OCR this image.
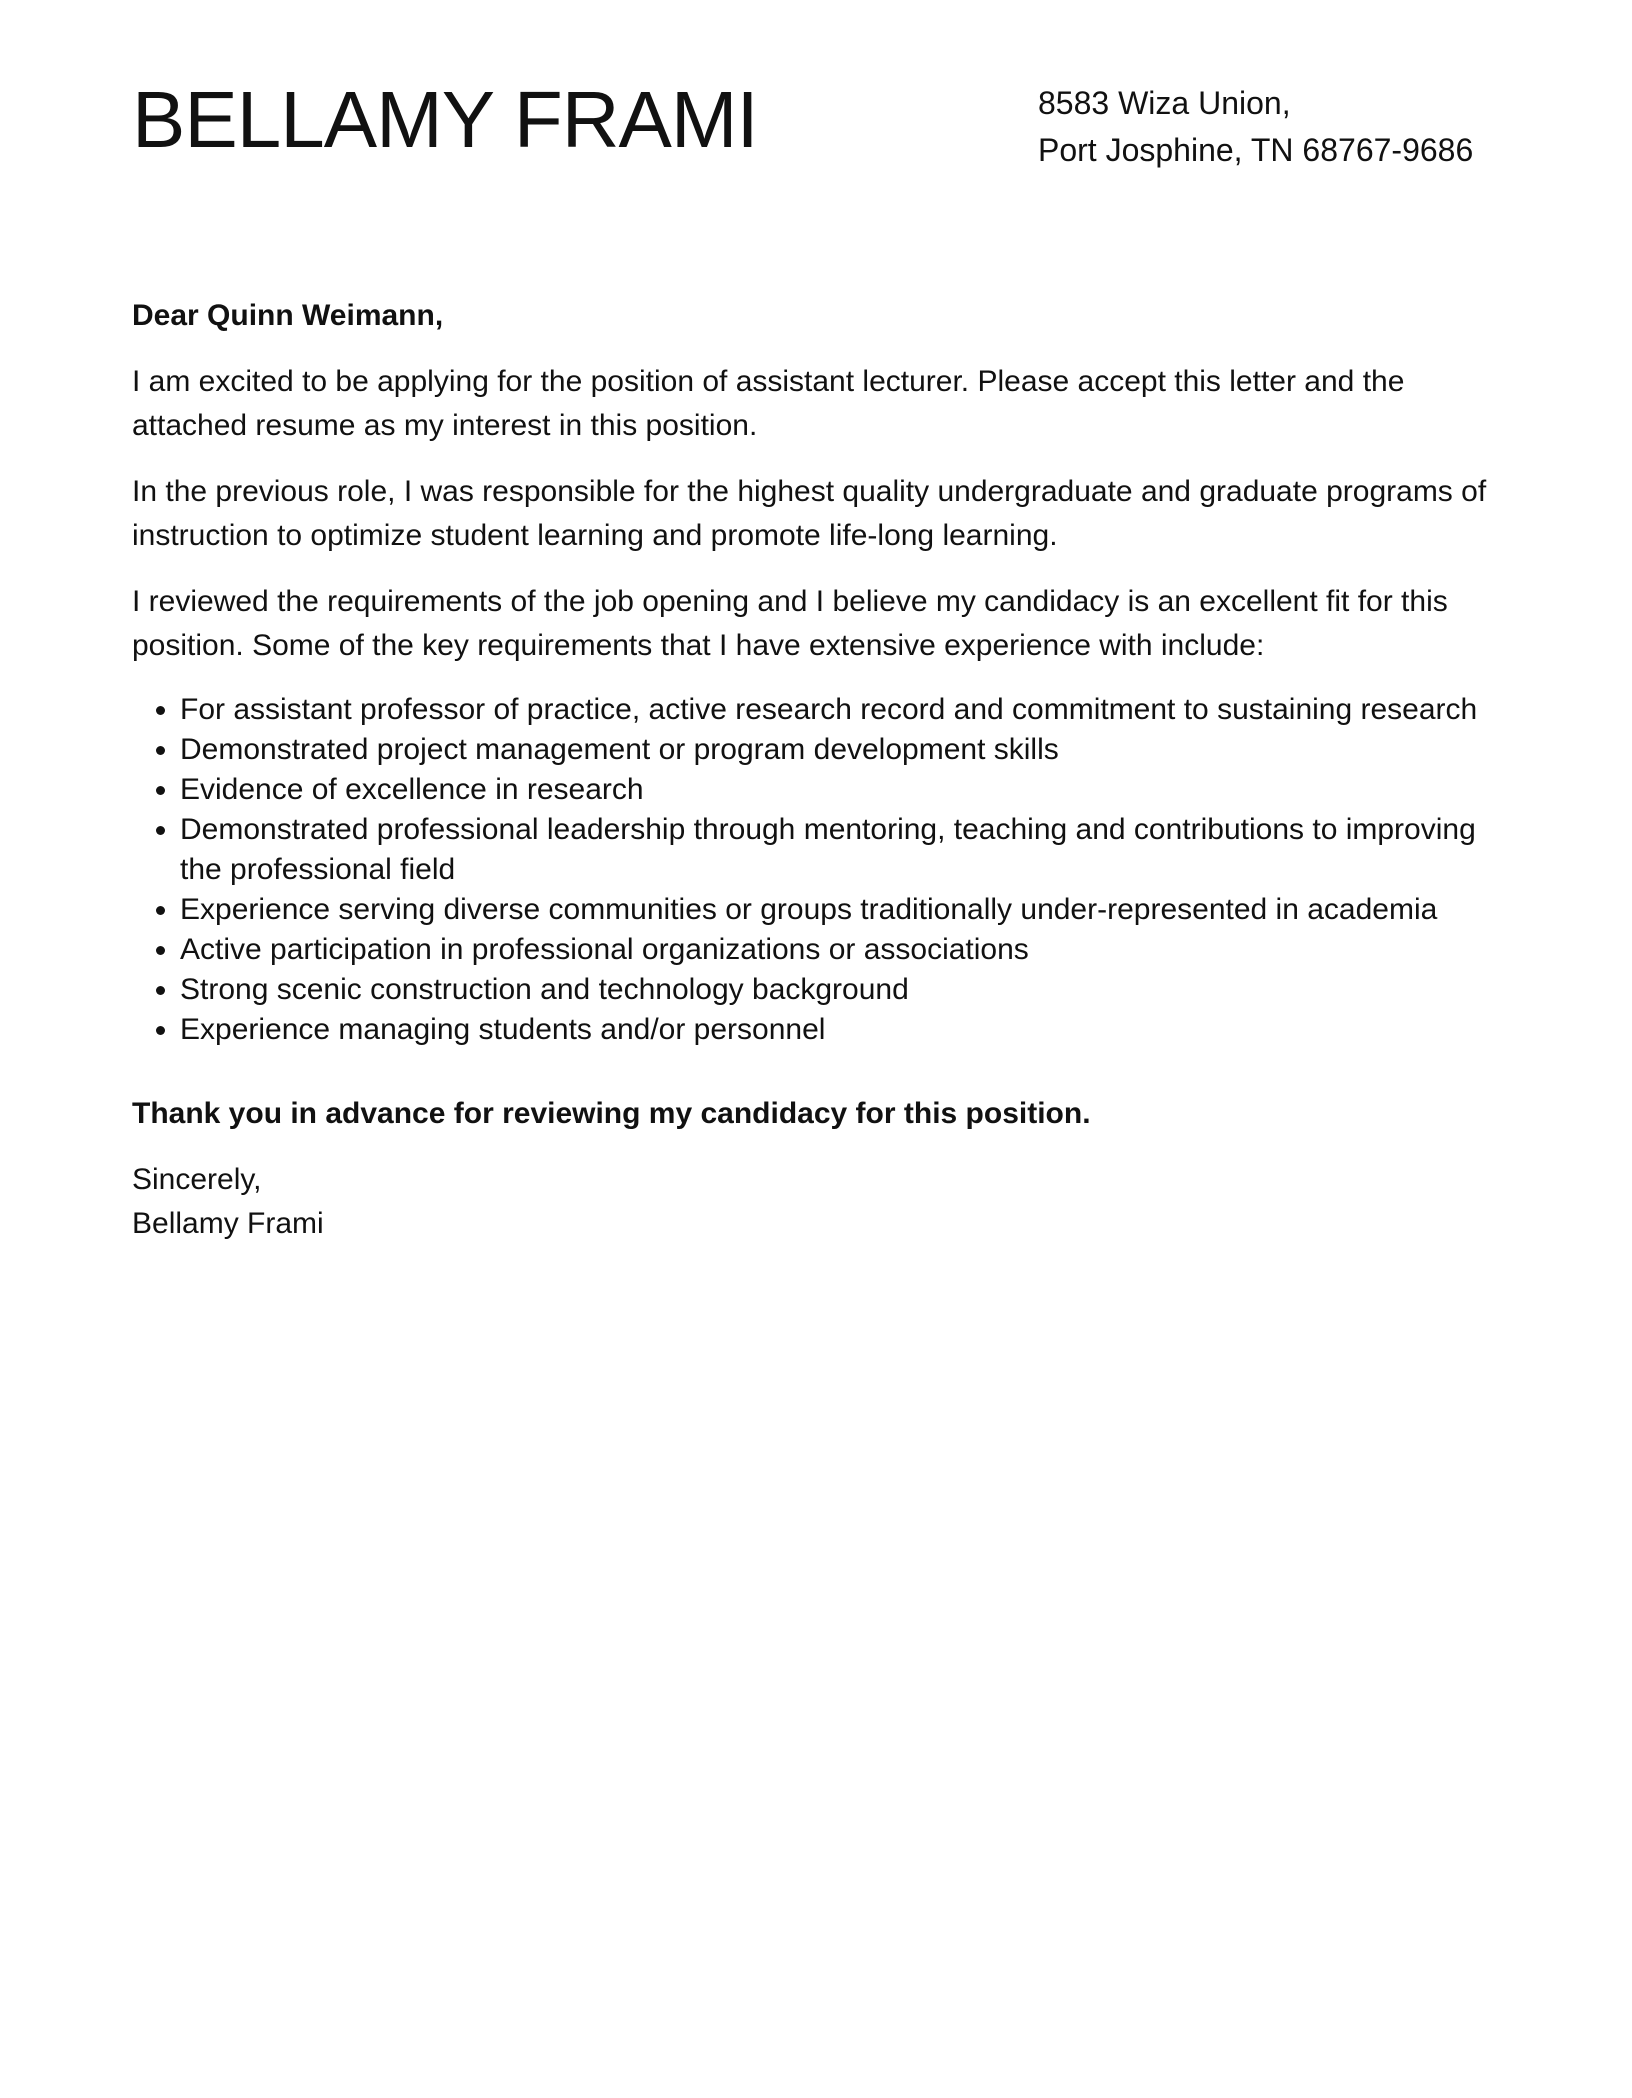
BELLAMY FRAMI	8583 Wiza Union,
Port Josphine, TN 68767-9686

Dear Quinn Weimann,

I am excited to be applying for the position of assistant lecturer. Please accept this letter and the attached resume as my interest in this position.

In the previous role, I was responsible for the highest quality undergraduate and graduate programs of instruction to optimize student learning and promote life-long learning.

I reviewed the requirements of the job opening and I believe my candidacy is an excellent fit for this position. Some of the key requirements that I have extensive experience with include:

• For assistant professor of practice, active research record and commitment to sustaining research
• Demonstrated project management or program development skills
• Evidence of excellence in research
• Demonstrated professional leadership through mentoring, teaching and contributions to improving the professional field
• Experience serving diverse communities or groups traditionally under-represented in academia
• Active participation in professional organizations or associations
• Strong scenic construction and technology background
• Experience managing students and/or personnel

Thank you in advance for reviewing my candidacy for this position.

Sincerely,
Bellamy Frami
